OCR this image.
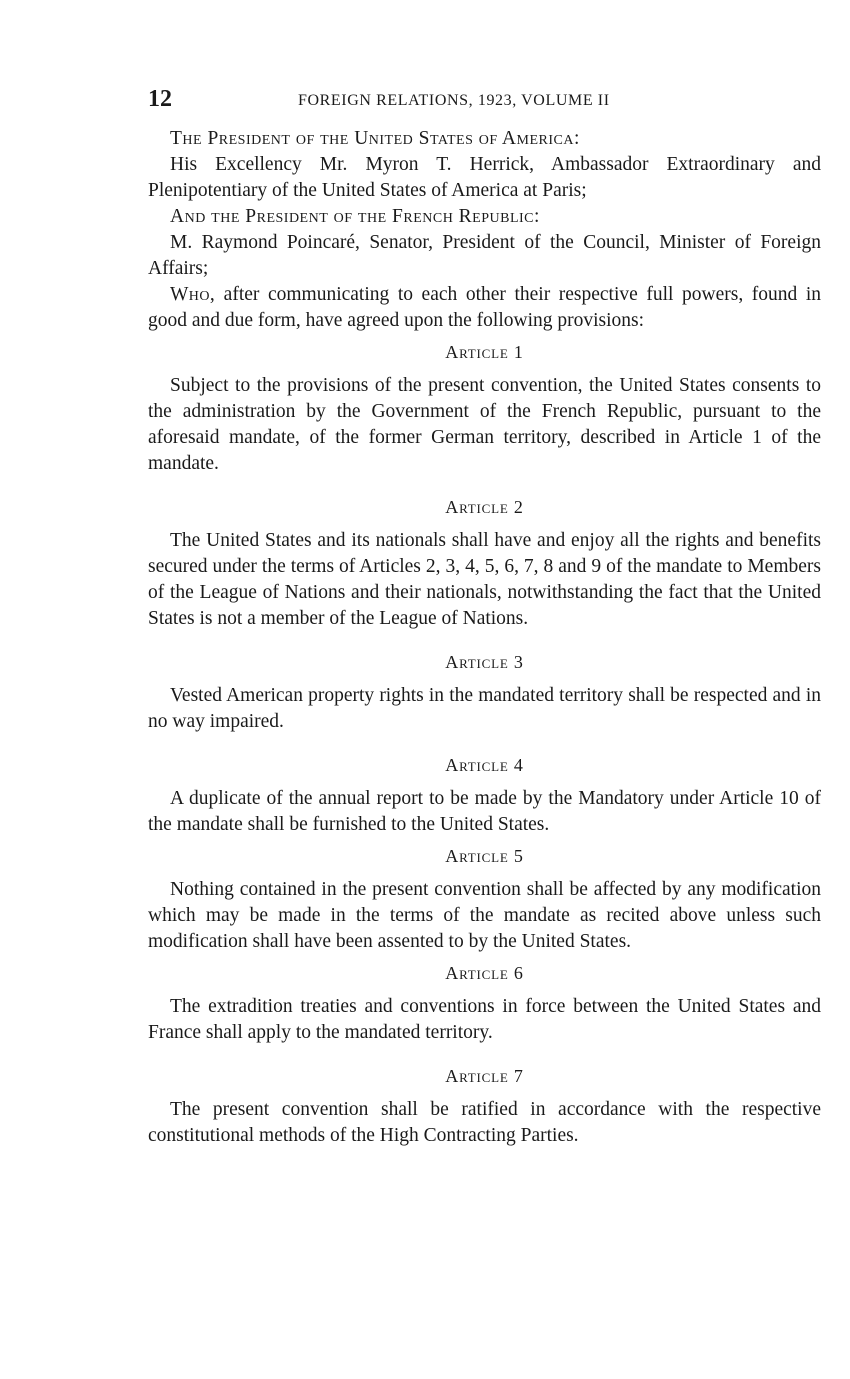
12	FOREIGN RELATIONS, 1923, VOLUME II

The President of the United States of America:

His Excellency Mr. Myron T. Herrick, Ambassador Extraordinary and Plenipotentiary of the United States of America at Paris;

And the President of the French Republic:

M. Raymond Poincaré, Senator, President of the Council, Minister of Foreign Affairs;

Who, after communicating to each other their respective full powers, found in good and due form, have agreed upon the following provisions:

Article 1

Subject to the provisions of the present convention, the United States consents to the administration by the Government of the French Republic, pursuant to the aforesaid mandate, of the former German territory, described in Article 1 of the mandate.

Article 2

The United States and its nationals shall have and enjoy all the rights and benefits secured under the terms of Articles 2, 3, 4, 5, 6, 7, 8 and 9 of the mandate to Members of the League of Nations and their nationals, notwithstanding the fact that the United States is not a member of the League of Nations.

Article 3

Vested American property rights in the mandated territory shall be respected and in no way impaired.

Article 4

A duplicate of the annual report to be made by the Mandatory under Article 10 of the mandate shall be furnished to the United States.

Article 5

Nothing contained in the present convention shall be affected by any modification which may be made in the terms of the mandate as recited above unless such modification shall have been assented to by the United States.

Article 6

The extradition treaties and conventions in force between the United States and France shall apply to the mandated territory.

Article 7

The present convention shall be ratified in accordance with the respective constitutional methods of the High Contracting Parties.
